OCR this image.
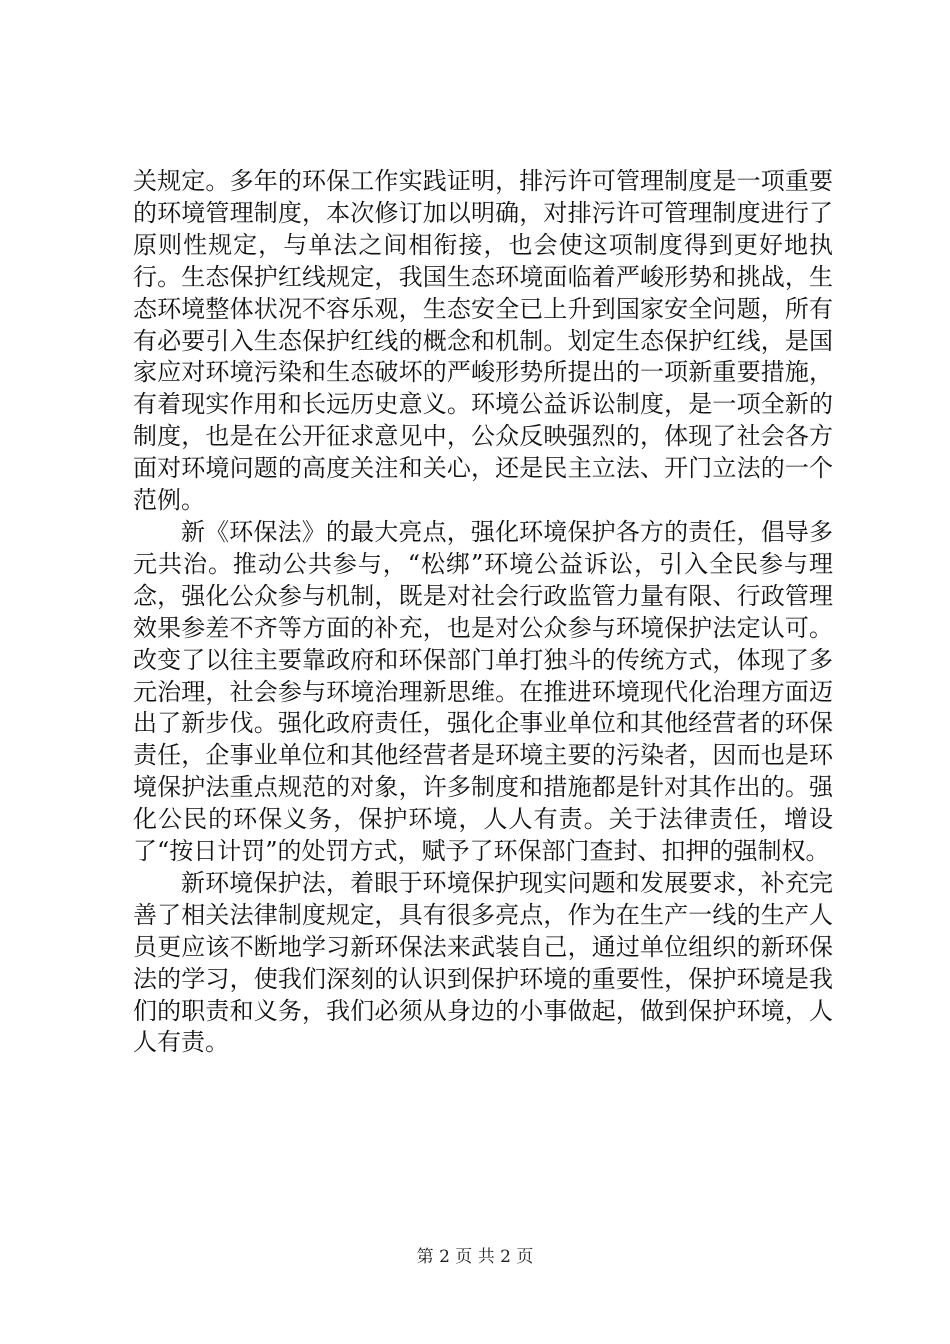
关规定。多年的环保工作实践证明，排污许可管理制度是一项重要的环境管理制度，本次修订加以明确，对排污许可管理制度进行了原则性规定，与单法之间相衔接，也会使这项制度得到更好地执行。生态保护红线规定，我国生态环境面临着严峻形势和挑战，生态环境整体状况不容乐观，生态安全已上升到国家安全问题，所有有必要引入生态保护红线的概念和机制。划定生态保护红线，是国家应对环境污染和生态破坏的严峻形势所提出的一项新重要措施，有着现实作用和长远历史意义。环境公益诉讼制度，是一项全新的制度，也是在公开征求意见中，公众反映强烈的，体现了社会各方面对环境问题的高度关注和关心，还是民主立法、开门立法的一个范例。

新《环保法》的最大亮点，强化环境保护各方的责任，倡导多元共治。推动公共参与，“松绑”环境公益诉讼，引入全民参与理念，强化公众参与机制，既是对社会行政监管力量有限、行政管理效果参差不齐等方面的补充，也是对公众参与环境保护法定认可。改变了以往主要靠政府和环保部门单打独斗的传统方式，体现了多元治理，社会参与环境治理新思维。在推进环境现代化治理方面迈出了新步伐。强化政府责任，强化企事业单位和其他经营者的环保责任，企事业单位和其他经营者是环境主要的污染者，因而也是环境保护法重点规范的对象，许多制度和措施都是针对其作出的。强化公民的环保义务，保护环境，人人有责。关于法律责任，增设了“按日计罚”的处罚方式，赋予了环保部门查封、扣押的强制权。

新环境保护法，着眼于环境保护现实问题和发展要求，补充完善了相关法律制度规定，具有很多亮点，作为在生产一线的生产人员更应该不断地学习新环保法来武装自己，通过单位组织的新环保法的学习，使我们深刻的认识到保护环境的重要性，保护环境是我们的职责和义务，我们必须从身边的小事做起，做到保护环境，人人有责。

第 2 页 共 2 页
